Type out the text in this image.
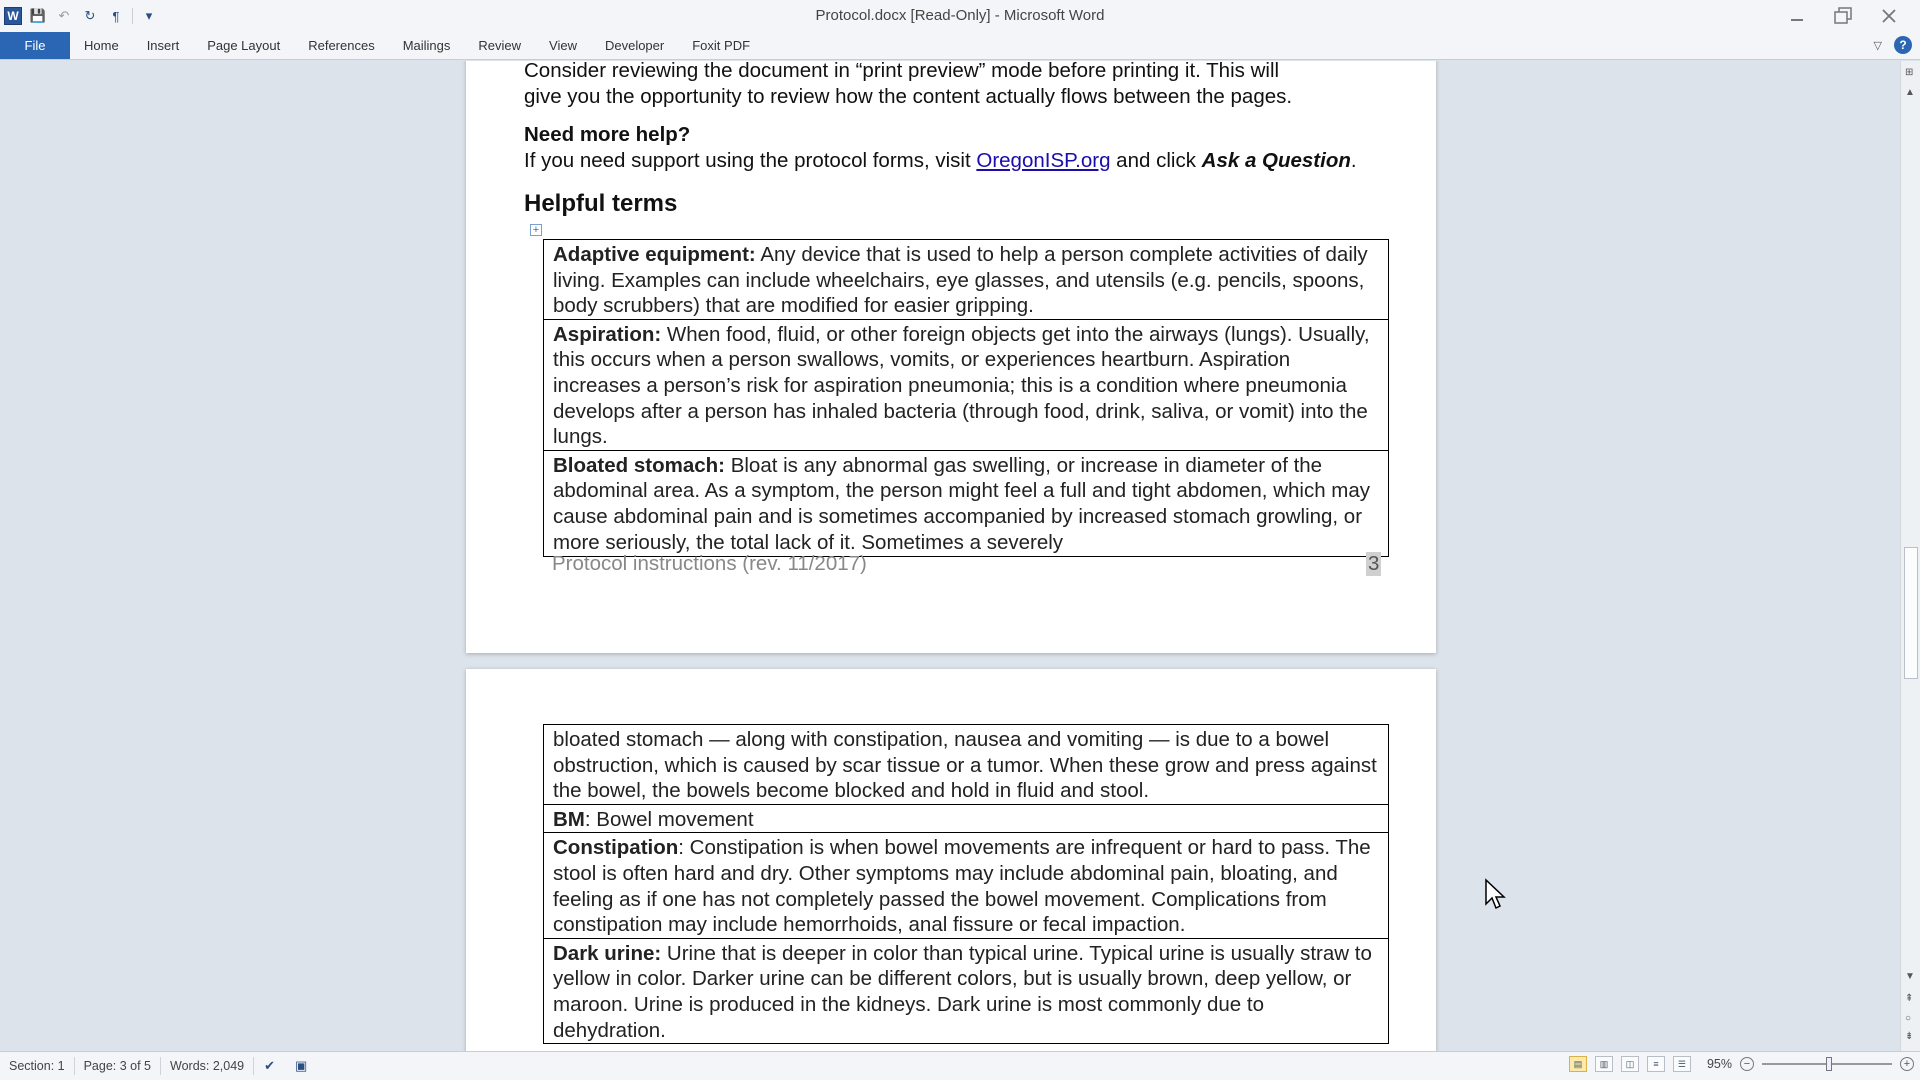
W 💾 ↶	↻	¶	▾	Protocol.docx [Read-Only] - Microsoft Word
File	Home	Insert	Page Layout	References	Mailings	Review	View	Developer	Foxit PDF	▽	?

Consider reviewing the document in “print preview” mode before printing it. This will

give you the opportunity to review how the content actually flows between the pages.

Need more help?

If you need support using the protocol forms, visit OregonISP.org and click Ask a Question.

Helpful terms

+
Adaptive equipment: Any device that is used to help a person complete activities of daily living. Examples can include wheelchairs, eye glasses, and utensils (e.g. pencils, spoons, body scrubbers) that are modified for easier gripping.
Aspiration: When food, fluid, or other foreign objects get into the airways (lungs). Usually, this occurs when a person swallows, vomits, or experiences heartburn. Aspiration increases a person’s risk for aspiration pneumonia; this is a condition where pneumonia develops after a person has inhaled bacteria (through food, drink, saliva, or vomit) into the lungs.
Bloated stomach: Bloat is any abnormal gas swelling, or increase in diameter of the abdominal area. As a symptom, the person might feel a full and tight abdomen, which may cause abdominal pain and is sometimes accompanied by increased stomach growling, or more seriously, the total lack of it. Sometimes a severely
Protocol instructions (rev. 11/2017)	3
bloated stomach — along with constipation, nausea and vomiting — is due to a bowel obstruction, which is caused by scar tissue or a tumor. When these grow and press against the bowel, the bowels become blocked and hold in fluid and stool.
BM: Bowel movement
Constipation: Constipation is when bowel movements are infrequent or hard to pass. The stool is often hard and dry. Other symptoms may include abdominal pain, bloating, and feeling as if one has not completely passed the bowel movement. Complications from constipation may include hemorrhoids, anal fissure or fecal impaction.
Dark urine: Urine that is deeper in color than typical urine. Typical urine is usually straw to yellow in color. Darker urine can be different colors, but is usually brown, deep yellow, or maroon. Urine is produced in the kidneys. Dark urine is most commonly due to dehydration.
⊞
▲
▼
⇞
○
⇟
Section: 1	Page: 3 of 5	Words: 2,049	✔	▣	▤	▥	◫	≡	☰	95%	−	+
